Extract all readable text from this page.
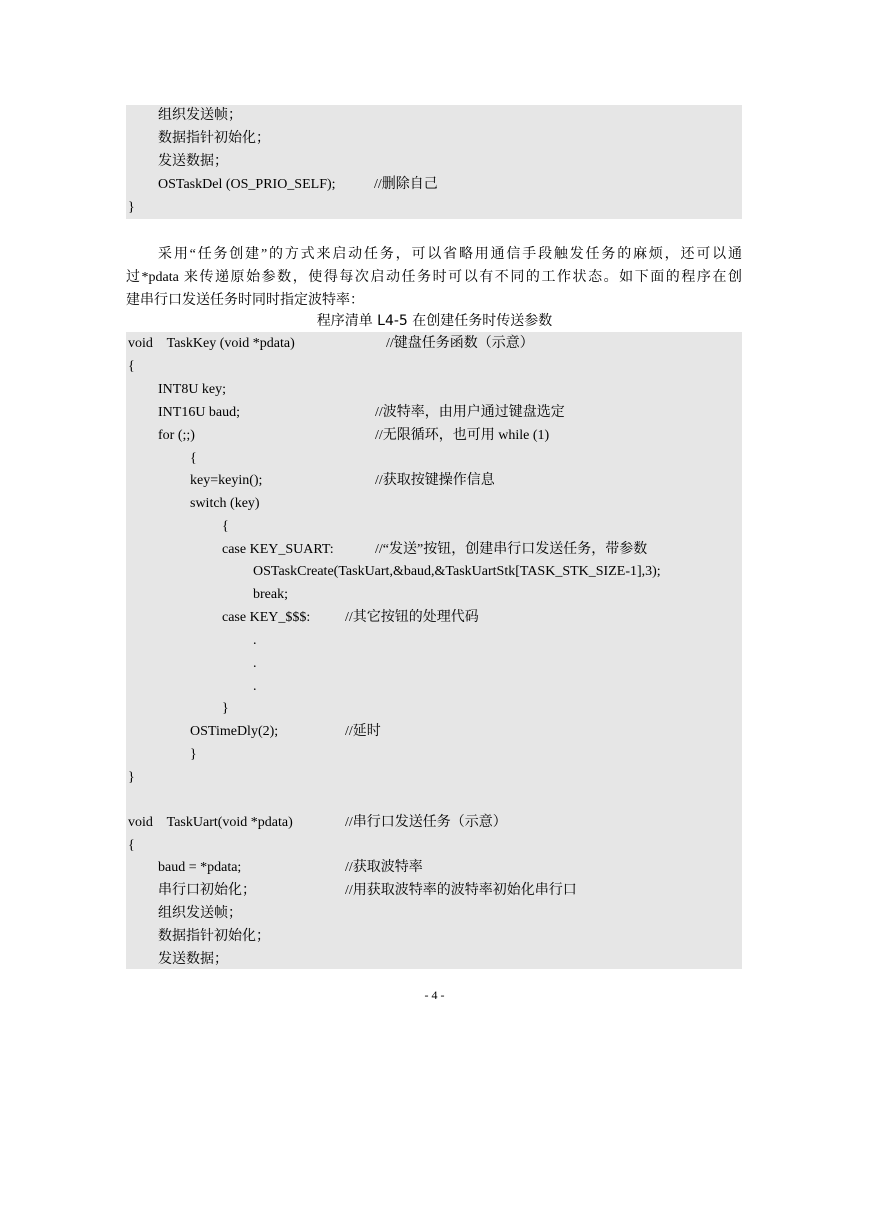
组织发送帧；
数据指针初始化；
发送数据；
OSTaskDel (OS_PRIO_SELF);	//删除自己
}
采用“任务创建”的方式来启动任务，可以省略用通信手段触发任务的麻烦，还可以通
过*pdata 来传递原始参数，使得每次启动任务时可以有不同的工作状态。如下面的程序在创
建串行口发送任务时同时指定波特率：
程序清单 L4-5 在创建任务时传送参数
void    TaskKey (void *pdata)	//键盘任务函数（示意）
{
INT8U key;
INT16U baud;	//波特率，由用户通过键盘选定
for (;;)	//无限循环，也可用 while (1)
{
key=keyin();	//获取按键操作信息
switch (key)
{
case KEY_SUART:	//“发送”按钮，创建串行口发送任务，带参数
OSTaskCreate(TaskUart,&baud,&TaskUartStk[TASK_STK_SIZE-1],3);
break;
case KEY_$$$: //其它按钮的处理代码
.
.
.
}
OSTimeDly(2);	//延时
}
}
void    TaskUart(void *pdata)	//串行口发送任务（示意）
{
baud = *pdata;	//获取波特率
串行口初始化；	//用获取波特率的波特率初始化串行口
组织发送帧；
数据指针初始化；
发送数据；
- 4 -
